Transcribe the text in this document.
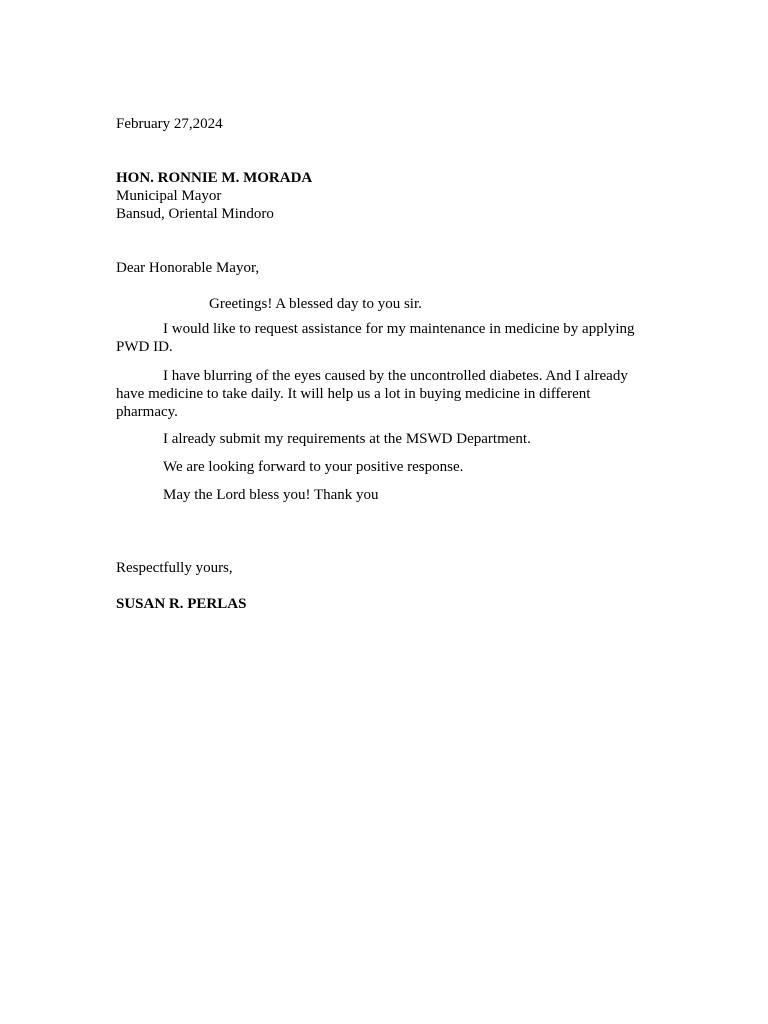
February 27,2024

HON. RONNIE M. MORADA

Municipal Mayor

Bansud, Oriental Mindoro

Dear Honorable Mayor,

Greetings! A blessed day to you sir.

I would like to request assistance for my maintenance in medicine by applying PWD ID.

I have blurring of the eyes caused by the uncontrolled diabetes. And I already have medicine to take daily. It will help us a lot in buying medicine in different pharmacy.

I already submit my requirements at the MSWD Department.

We are looking forward to your positive response.

May the Lord bless you! Thank you

Respectfully yours,

SUSAN R. PERLAS
